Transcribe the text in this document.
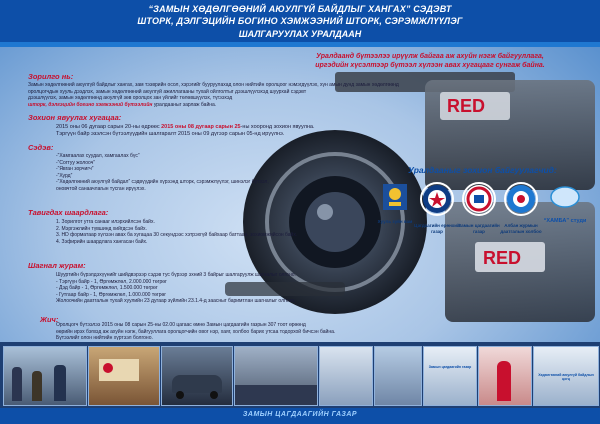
“ЗАМЫН ХӨДӨЛГӨӨНИЙ АЮУЛГҮЙ БАЙДЛЫГ ХАНГАХ” СЭДЭВТ
ШТОРК, ДЭЛГЭЦИЙН БОГИНО ХЭМЖЭЭНИЙ ШТОРК, СЭРЭМЖЛҮҮЛЭГ
ШАЛГАРУУЛАХ УРАЛДААН
RED
RED
Уралдаанд бүтээлээ ирүүлж байгаа аж ахуйн нэгж байгууллага,
иргэдийн хүсэлтээр бүтээл хүлээн авах хугацааг сунгаж байна.
Зорилго нь:
Замын хөдөлгөөний аюулгүй байдлыг хангах, зам тээврийн осол, хэрэгийг бууруулахад олон нийтийн оролцоог нэмэгдүүлэх, хүн амын дунд замын хөдөлгөөнд
оролцогчдын хууль дээдлэх, замын хөдөлгөөний аюулгүй ажиллагааны тухай ойлголтыг дээшлүүлэхэд шуурхай сэдэвт
дээшлүүлэх, замын хөдөлгөөнд аюулгүй зөв оролцох зан үйлийг төлөвшүүлэх, түгээхэд
шторк, дэлгэцийн богино хэмжээний бүтээлийн уралдааныг зарлаж байна.
Зохион явуулах хугацаа:
2015 оны 06 дугаар сарын 20-ны өдрөөс 2015 оны 08 дугаар сарын 25-ны хооронд зохион явуулна.
Тэргүүн байр эзэлсэн бүтээлүүдийн шалгаралт 2015 оны 09 дүгээр сарын 05-нд ирүүлнэ.
Сэдэв:
-“Хамгаалах суудал, хамгаалах бүс”
-“Согтуу жолооч”
-“Явган зорчигч”
-“Хурд”
-“Хөдөлгөөний аюулгүй байдал” сэдвүүдийн хүрээнд шторк, сэрэмжлүүлэг, шинэлэг бүтээл,
оновчтой санаачлагын тусган ирүүлэх.
Тавигдах шаардлага:
1. Зорилгот утга санааг илэрхийлсэн байх.
2. Мэргэжлийн түвшинд хийгдсэн байх.
3. HD форматаар хүлээн авах ба хугацаа 30 секундээс хэтрэхгүй байхаар баттаан, зохиомжийсон байх.
4. Зэфирийн шаардлага хангасан байх.
Шагнал журам:
Шууртийн бүрэлдэхүүнийг шийдвэрээр сэдэв тус бүрээр эхний 3 байрыг шалгаруулж шагналыг олгоно.
- Тэргүүн байр - 1, Өргөмжлөл, 2.000.000 төгрөг
- Дэд байр - 1, Өргөмжлөл, 1.500.000 төгрөг
- Гутгаар байр - 1, Өргөмжлөл, 1.000.000 төгрөг
Жолоочийн даатгалын тухай хуулийн 23 дугаар зүйлийн 23.1.4-д заасныг баримтлан шагналыг олгоно.
Жич:
Оролцогч бүтээлээ 2015 оны 08 сарын 25-ны 02.00 цагаас өмнө Замын цагдаагийн газрын 307 тоот өрөөнд
өөрийн ирэх бэгвэд аж ахуйн нэгж, байгууллага оролцогчийн овог нэр, хаяг, холбоо барих утсаа тодорхой бичсэн байна.
Бүтээлийг олон нийтийн хүртээл болгоно.
Уралдааныг зохион байгуулагчид:
Хууль зүйн яам
Цагдаагийн ерөнхий газар
Замын цагдаагийн газар
Албан журмын даатгалын холбоо
“ХАМБА” студи
Замын цагдаагийн газар
Хөдөлгөөний аюулгүй байдлын цогц
ЗАМЫН ЦАГДААГИЙН ГАЗАР
